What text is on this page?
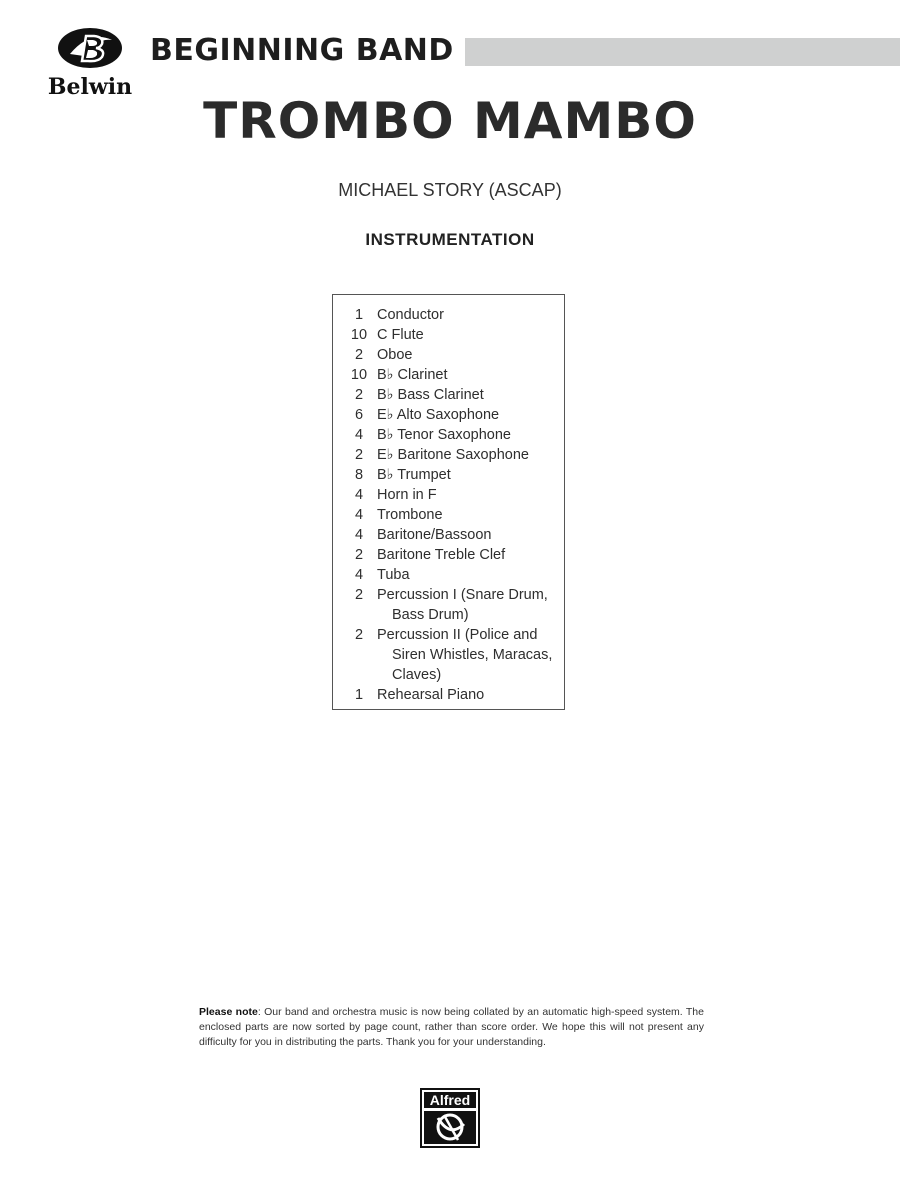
Belwin
BEGINNING BAND
TROMBO MAMBO
MICHAEL STORY (ASCAP)
INSTRUMENTATION
1 Conductor
10 C Flute
2 Oboe
10 B♭ Clarinet
2 B♭ Bass Clarinet
6 E♭ Alto Saxophone
4 B♭ Tenor Saxophone
2 E♭ Baritone Saxophone
8 B♭ Trumpet
4 Horn in F
4 Trombone
4 Baritone/Bassoon
2 Baritone Treble Clef
4 Tuba
2 Percussion I (Snare Drum,
Bass Drum)
2 Percussion II (Police and
Siren Whistles, Maracas,
Claves)
1 Rehearsal Piano
Please note: Our band and orchestra music is now being collated by an automatic high-speed system. The enclosed parts are now sorted by page count, rather than score order. We hope this will not present any difficulty for you in distributing the parts. Thank you for your understanding.
Alfred
